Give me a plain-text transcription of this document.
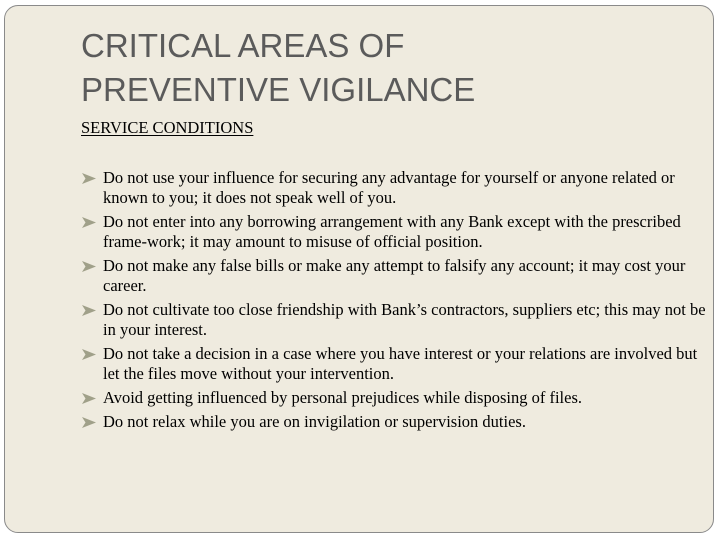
CRITICAL AREAS OF
PREVENTIVE VIGILANCE
SERVICE CONDITIONS
Do not use your influence for securing any advantage for yourself or anyone related or known to you; it does not speak well of you.
Do not enter into any borrowing arrangement with any Bank except with the prescribed frame-work; it may amount to misuse of official position.
Do not make any false bills or make any attempt to falsify any account; it may cost your career.
Do not cultivate too close friendship with Bank’s contractors, suppliers etc; this may not be in your interest.
Do not take a decision in a case where you have interest or your relations are involved but let the files move without your intervention.
Avoid getting influenced by personal prejudices while disposing of files.
Do not relax while you are on invigilation or supervision duties.
